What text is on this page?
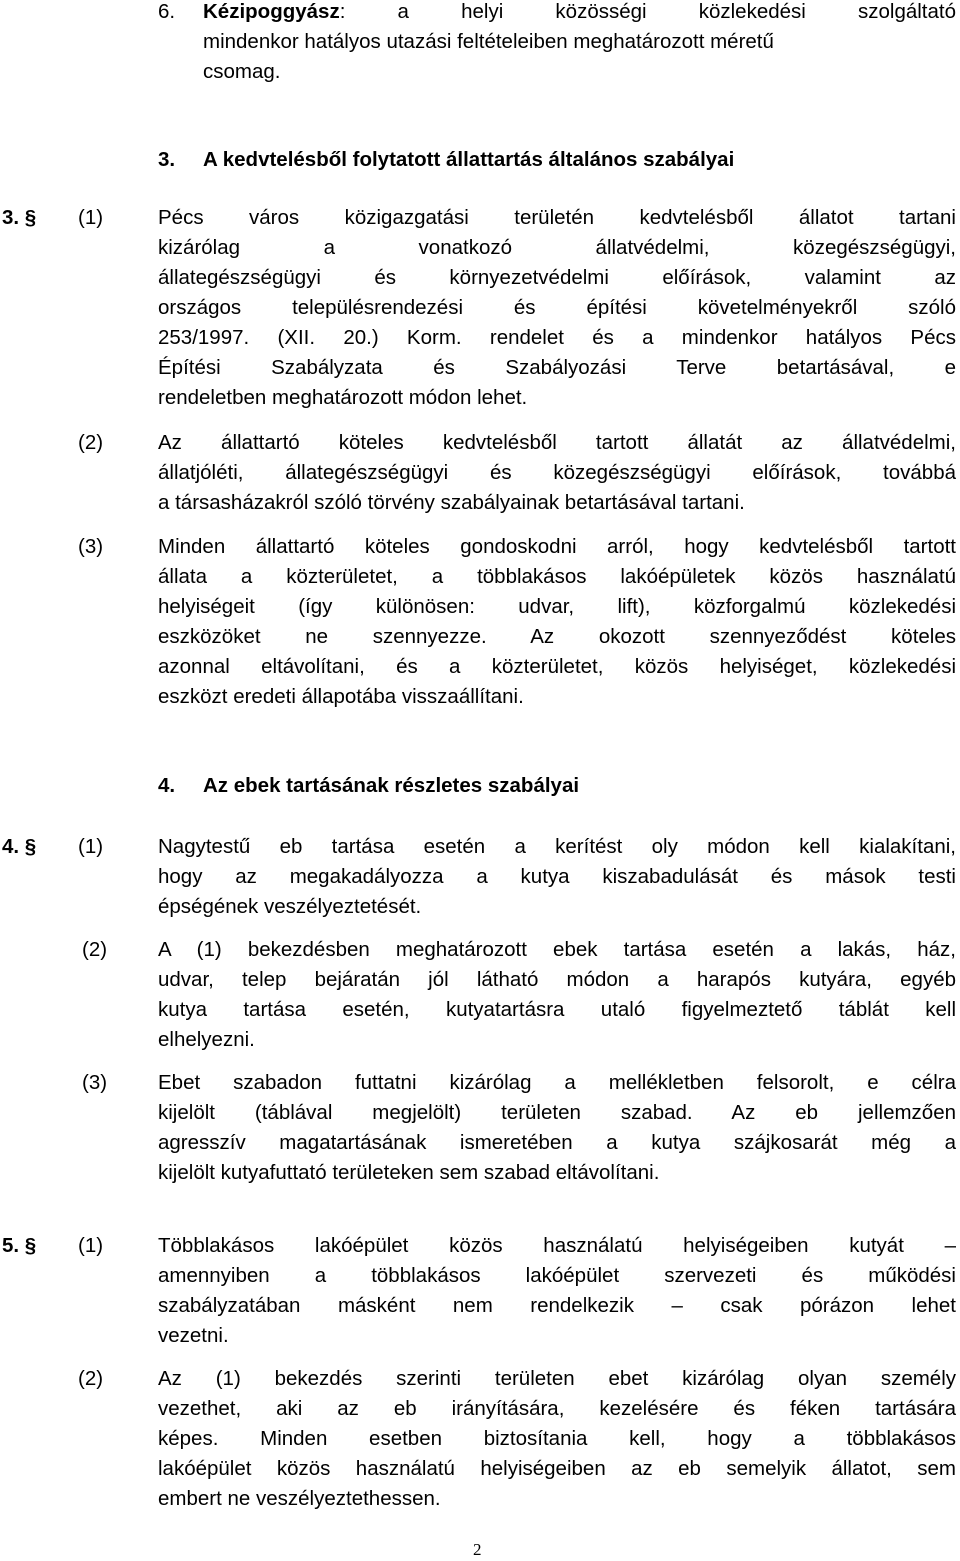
6. Kézipoggyász: a helyi közösségi közlekedési szolgáltató
mindenkor hatályos utazási feltételeiben meghatározott méretű
csomag.
3. A kedvtelésből folytatott állattartás általános szabályai
3. § (1)	Pécs város közigazgatási területén kedvtelésből állatot tartani
kizárólag a vonatkozó állatvédelmi, közegészségügyi,
állategészségügyi és környezetvédelmi előírások, valamint az
országos településrendezési és építési követelményekről szóló
253/1997. (XII. 20.) Korm. rendelet és a mindenkor hatályos Pécs
Építési Szabályzata és Szabályozási Terve betartásával, e
rendeletben meghatározott módon lehet.
(2)	Az állattartó köteles kedvtelésből tartott állatát az állatvédelmi,
állatjóléti, állategészségügyi és közegészségügyi előírások, továbbá
a társasházakról szóló törvény szabályainak betartásával tartani.
(3)	Minden állattartó köteles gondoskodni arról, hogy kedvtelésből tartott
állata a közterületet, a többlakásos lakóépületek közös használatú
helyiségeit (így különösen: udvar, lift), közforgalmú közlekedési
eszközöket ne szennyezze. Az okozott szennyeződést köteles
azonnal eltávolítani, és a közterületet, közös helyiséget, közlekedési
eszközt eredeti állapotába visszaállítani.
4. Az ebek tartásának részletes szabályai
4. § (1)	Nagytestű eb tartása esetén a kerítést oly módon kell kialakítani,
hogy az megakadályozza a kutya kiszabadulását és mások testi
épségének veszélyeztetését.
(2) A (1) bekezdésben meghatározott ebek tartása esetén a lakás, ház,
udvar, telep bejáratán jól látható módon a harapós kutyára, egyéb
kutya tartása esetén, kutyatartásra utaló figyelmeztető táblát kell
elhelyezni.
(3) Ebet szabadon futtatni kizárólag a mellékletben felsorolt, e célra
kijelölt (táblával megjelölt) területen szabad. Az eb jellemzően
agresszív magatartásának ismeretében a kutya szájkosarát még a
kijelölt kutyafuttató területeken sem szabad eltávolítani.
5. § (1)	Többlakásos lakóépület közös használatú helyiségeiben kutyát –
amennyiben a többlakásos lakóépület szervezeti és működési
szabályzatában másként nem rendelkezik – csak pórázon lehet
vezetni.
(2)	Az (1) bekezdés szerinti területen ebet kizárólag olyan személy
vezethet, aki az eb irányítására, kezelésére és féken tartására
képes. Minden esetben biztosítania kell, hogy a többlakásos
lakóépület közös használatú helyiségeiben az eb semelyik állatot, sem
embert ne veszélyeztethessen.
2
